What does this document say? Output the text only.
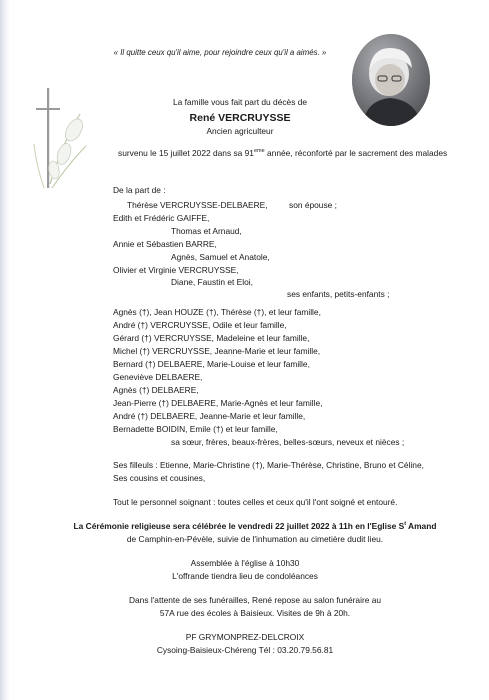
« Il quitte ceux qu'il aime, pour rejoindre ceux qu'il a aimés. »
La famille vous fait part du décès de
René VERCRUYSSE
Ancien agriculteur
survenu le 15 juillet 2022 dans sa 91eme année, réconforté par le sacrement des malades
De la part de :
Thérèse VERCRUYSSE-DELBAERE,	son épouse ;
Edith et Frédéric GAIFFE,
Thomas et Arnaud,
Annie et Sébastien BARRE,
Agnès, Samuel et Anatole,
Olivier et Virginie VERCRUYSSE,
Diane, Faustin et Eloi,
ses enfants, petits-enfants ;
Agnès (†), Jean HOUZE (†), Thérèse (†), et leur famille,
André (†) VERCRUYSSE, Odile et leur famille,
Gérard (†) VERCRUYSSE, Madeleine et leur famille,
Michel (†) VERCRUYSSE, Jeanne-Marie et leur famille,
Bernard (†) DELBAERE, Marie-Louise et leur famille,
Geneviève DELBAERE,
Agnès (†) DELBAERE,
Jean-Pierre (†) DELBAERE, Marie-Agnès et leur famille,
André (†) DELBAERE, Jeanne-Marie et leur famille,
Bernadette BOIDIN, Emile (†) et leur famille,
sa sœur, frères, beaux-frères, belles-sœurs, neveux et nièces ;
Ses filleuls : Etienne, Marie-Christine (†), Marie-Thérèse, Christine, Bruno et Céline,
Ses cousins et cousines,
Tout le personnel soignant : toutes celles et ceux qu'il l'ont soigné et entouré.
La Cérémonie religieuse sera célébrée le vendredi 22 juillet 2022 à 11h en l'Eglise $S^t$ Amand
de Camphin-en-Pévèle, suivie de l'inhumation au cimetière dudit lieu.
Assemblée à l'église à 10h30
L'offrande tiendra lieu de condoléances
Dans l'attente de ses funérailles, René repose au salon funéraire au
57A rue des écoles à Baisieux. Visites de 9h à 20h.
PF GRYMONPREZ-DELCROIX
Cysoing-Baisieux-Chéreng Tél : 03.20.79.56.81
